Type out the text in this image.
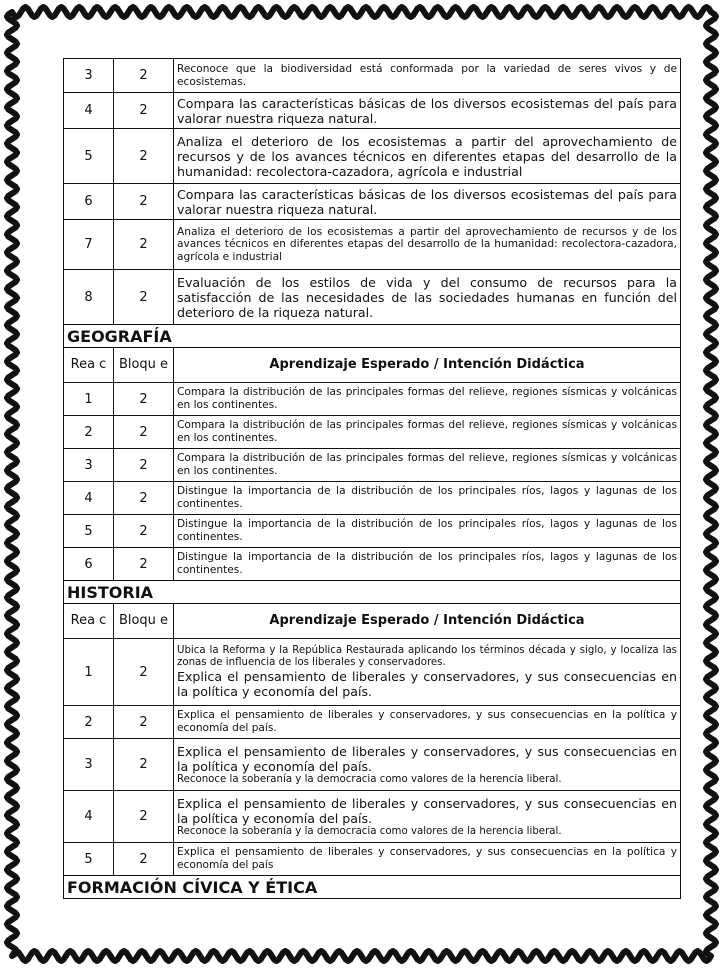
3	2	Reconoce que la biodiversidad está conformada por la variedad de seres vivos y de ecosistemas.
4	2	Compara las características básicas de los diversos ecosistemas del país para valorar nuestra riqueza natural.
5	2	Analiza el deterioro de los ecosistemas a partir del aprovechamiento de recursos y de los avances técnicos en diferentes etapas del desarrollo de la humanidad: recolectora-cazadora, agrícola e industrial
6	2	Compara las características básicas de los diversos ecosistemas del país para valorar nuestra riqueza natural.
7	2	Analiza el deterioro de los ecosistemas a partir del aprovechamiento de recursos y de los avances técnicos en diferentes etapas del desarrollo de la humanidad: recolectora-cazadora, agrícola e industrial
8	2	Evaluación de los estilos de vida y del consumo de recursos para la satisfacción de las necesidades de las sociedades humanas en función del deterioro de la riqueza natural.
GEOGRAFÍA		
Rea c	Bloqu e	Aprendizaje Esperado / Intención Didáctica
1	2	Compara la distribución de las principales formas del relieve, regiones sísmicas y volcánicas en los continentes.
2	2	Compara la distribución de las principales formas del relieve, regiones sísmicas y volcánicas en los continentes.
3	2	Compara la distribución de las principales formas del relieve, regiones sísmicas y volcánicas en los continentes.
4	2	Distingue la importancia de la distribución de los principales ríos, lagos y lagunas de los continentes.
5	2	Distingue la importancia de la distribución de los principales ríos, lagos y lagunas de los continentes.
6	2	Distingue la importancia de la distribución de los principales ríos, lagos y lagunas de los continentes.
HISTORIA		
Rea c	Bloqu e	Aprendizaje Esperado / Intención Didáctica
1	2	Ubica la Reforma y la República Restaurada aplicando los términos década y siglo, y localiza las zonas de influencia de los liberales y conservadores.
Explica el pensamiento de liberales y conservadores, y sus consecuencias en la política y economía del país.

2	2	Explica el pensamiento de liberales y conservadores, y sus consecuencias en la política y economía del país.
3	2	Explica el pensamiento de liberales y conservadores, y sus consecuencias en la política y economía del país.
Reconoce la soberanía y la democracia como valores de la herencia liberal.

4	2	Explica el pensamiento de liberales y conservadores, y sus consecuencias en la política y economía del país.
Reconoce la soberanía y la democracia como valores de la herencia liberal.

5	2	Explica el pensamiento de liberales y conservadores, y sus consecuencias en la política y economía del país
FORMACIÓN CÍVICA Y ÉTICA		
